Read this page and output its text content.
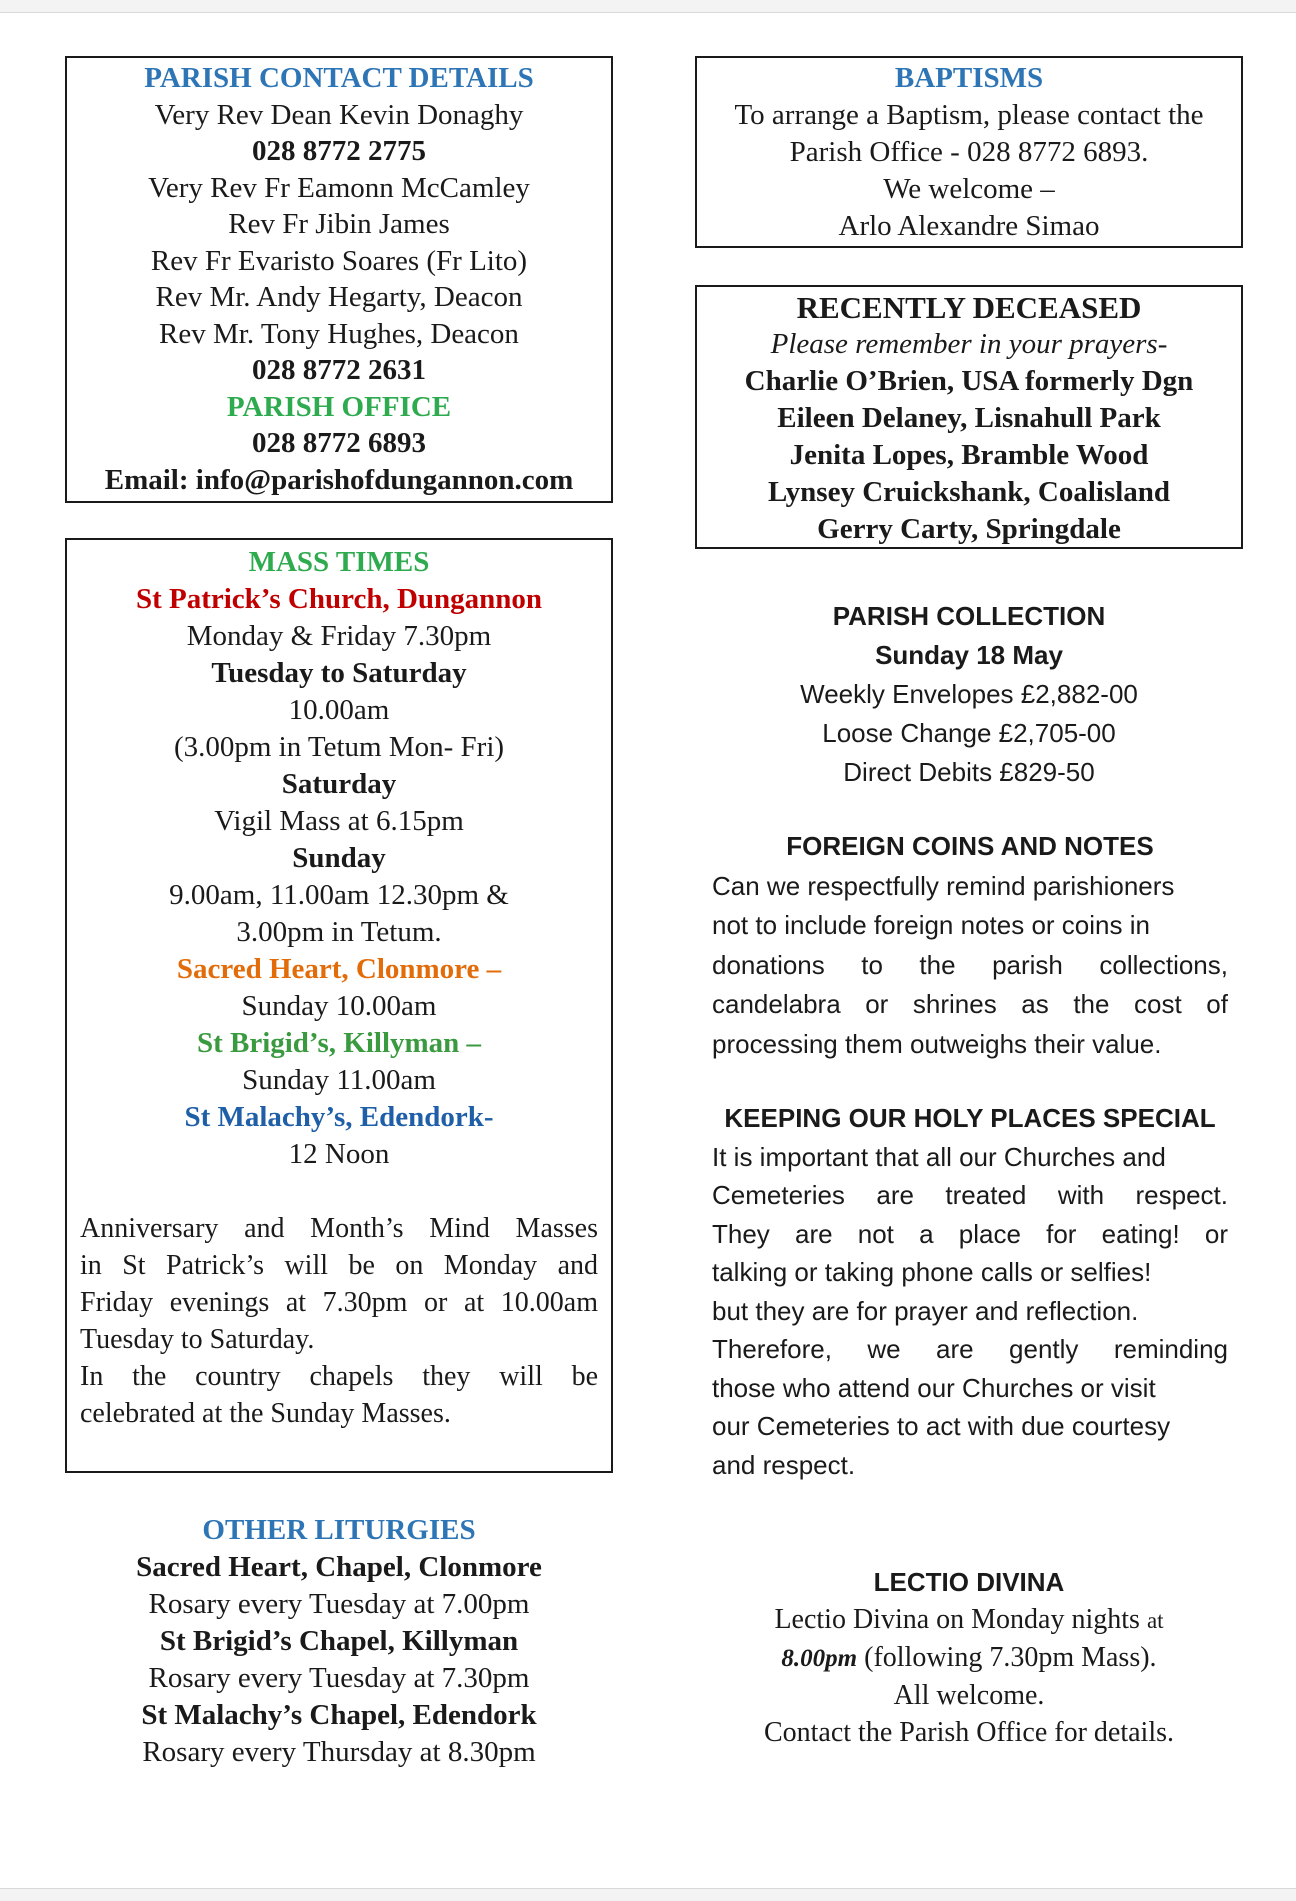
PARISH CONTACT DETAILS
Very Rev Dean Kevin Donaghy
028 8772 2775
Very Rev Fr Eamonn McCamley
Rev Fr Jibin James
Rev Fr Evaristo Soares (Fr Lito)
Rev Mr. Andy Hegarty, Deacon
Rev Mr. Tony Hughes, Deacon
028 8772 2631
PARISH OFFICE
028 8772 6893
Email: info@parishofdungannon.com
MASS TIMES
St Patrick’s Church, Dungannon
Monday & Friday 7.30pm
Tuesday to Saturday
10.00am
(3.00pm in Tetum Mon- Fri)
Saturday
Vigil Mass at 6.15pm
Sunday
9.00am, 11.00am 12.30pm &
3.00pm in Tetum.
Sacred Heart, Clonmore –
Sunday 10.00am
St Brigid’s, Killyman –
Sunday 11.00am
St Malachy’s, Edendork-
12 Noon
Anniversary and Month’s Mind Masses
in St Patrick’s will be on Monday and
Friday evenings at 7.30pm or at 10.00am
Tuesday to Saturday.
In the country chapels they will be
celebrated at the Sunday Masses.
OTHER LITURGIES
Sacred Heart, Chapel, Clonmore
Rosary every Tuesday at 7.00pm
St Brigid’s Chapel, Killyman
Rosary every Tuesday at 7.30pm
St Malachy’s Chapel, Edendork
Rosary every Thursday at 8.30pm
BAPTISMS
To arrange a Baptism, please contact the
Parish Office - 028 8772 6893.
We welcome –
Arlo Alexandre Simao
RECENTLY DECEASED
Please remember in your prayers-
Charlie O’Brien, USA formerly Dgn
Eileen Delaney, Lisnahull Park
Jenita Lopes, Bramble Wood
Lynsey Cruickshank, Coalisland
Gerry Carty, Springdale
PARISH COLLECTION
Sunday 18 May
Weekly Envelopes £2,882-00
Loose Change £2,705-00
Direct Debits £829-50
FOREIGN COINS AND NOTES
Can we respectfully remind parishioners
not to include foreign notes or coins in
donations to the parish collections,
candelabra or shrines as the cost of
processing them outweighs their value.
KEEPING OUR HOLY PLACES SPECIAL
It is important that all our Churches and
Cemeteries are treated with respect.
They are not a place for eating! or
talking or taking phone calls or selfies!
but they are for prayer and reflection.
Therefore, we are gently reminding
those who attend our Churches or visit
our Cemeteries to act with due courtesy
and respect.
LECTIO DIVINA
Lectio Divina on Monday nights at
8.00pm (following 7.30pm Mass).
All welcome.
Contact the Parish Office for details.
